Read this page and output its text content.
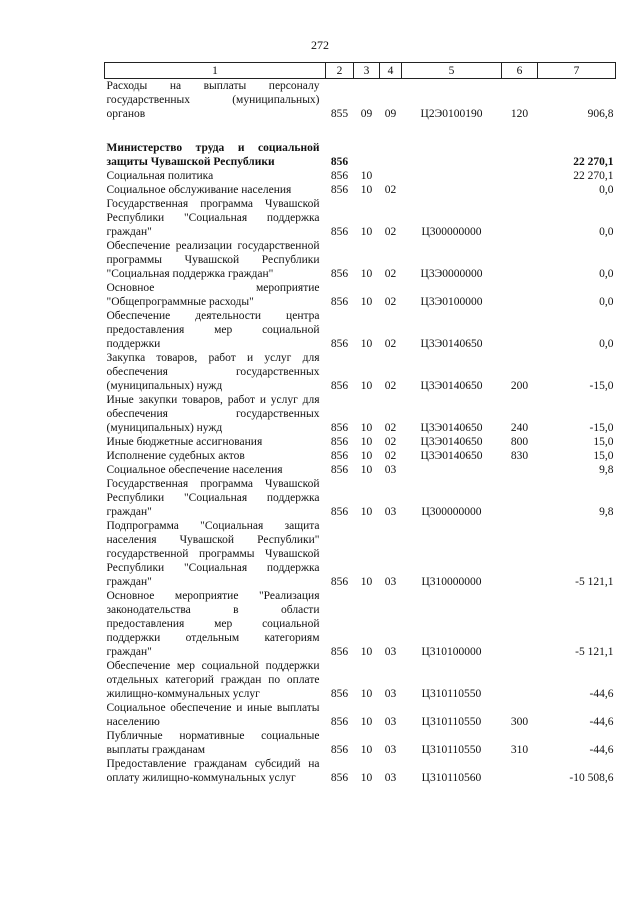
272
1	2	3	4	5	6	7
Расходы на выплаты персоналу государственных (муниципальных) органов	855	09	09	Ц2Э0100190	120	906,8

Министерство труда и социальной защиты Чувашской Республики	856					22 270,1
Социальная политика	856	10				22 270,1
Социальное обслуживание населения	856	10	02			0,0
Государственная программа Чувашской Республики "Социальная поддержка граждан"	856	10	02	Ц300000000		0,0
Обеспечение реализации государственной программы Чувашской Республики "Социальная поддержка граждан"	856	10	02	Ц3Э0000000		0,0
Основное мероприятие "Общепрограммные расходы"	856	10	02	Ц3Э0100000		0,0
Обеспечение деятельности центра предоставления мер социальной поддержки	856	10	02	Ц3Э0140650		0,0
Закупка товаров, работ и услуг для обеспечения государственных (муниципальных) нужд	856	10	02	Ц3Э0140650	200	-15,0
Иные закупки товаров, работ и услуг для обеспечения государственных (муниципальных) нужд	856	10	02	Ц3Э0140650	240	-15,0
Иные бюджетные ассигнования	856	10	02	Ц3Э0140650	800	15,0
Исполнение судебных актов	856	10	02	Ц3Э0140650	830	15,0
Социальное обеспечение населения	856	10	03			9,8
Государственная программа Чувашской Республики "Социальная поддержка граждан"	856	10	03	Ц300000000		9,8
Подпрограмма "Социальная защита населения Чувашской Республики" государственной программы Чувашской Республики "Социальная поддержка граждан"	856	10	03	Ц310000000		-5 121,1
Основное мероприятие "Реализация законодательства в области предоставления мер социальной поддержки отдельным категориям граждан"	856	10	03	Ц310100000		-5 121,1
Обеспечение мер социальной поддержки отдельных категорий граждан по оплате жилищно-коммунальных услуг	856	10	03	Ц310110550		-44,6
Социальное обеспечение и иные выплаты населению	856	10	03	Ц310110550	300	-44,6
Публичные нормативные социальные выплаты гражданам	856	10	03	Ц310110550	310	-44,6
Предоставление гражданам субсидий на оплату жилищно-коммунальных услуг	856	10	03	Ц310110560		-10 508,6
